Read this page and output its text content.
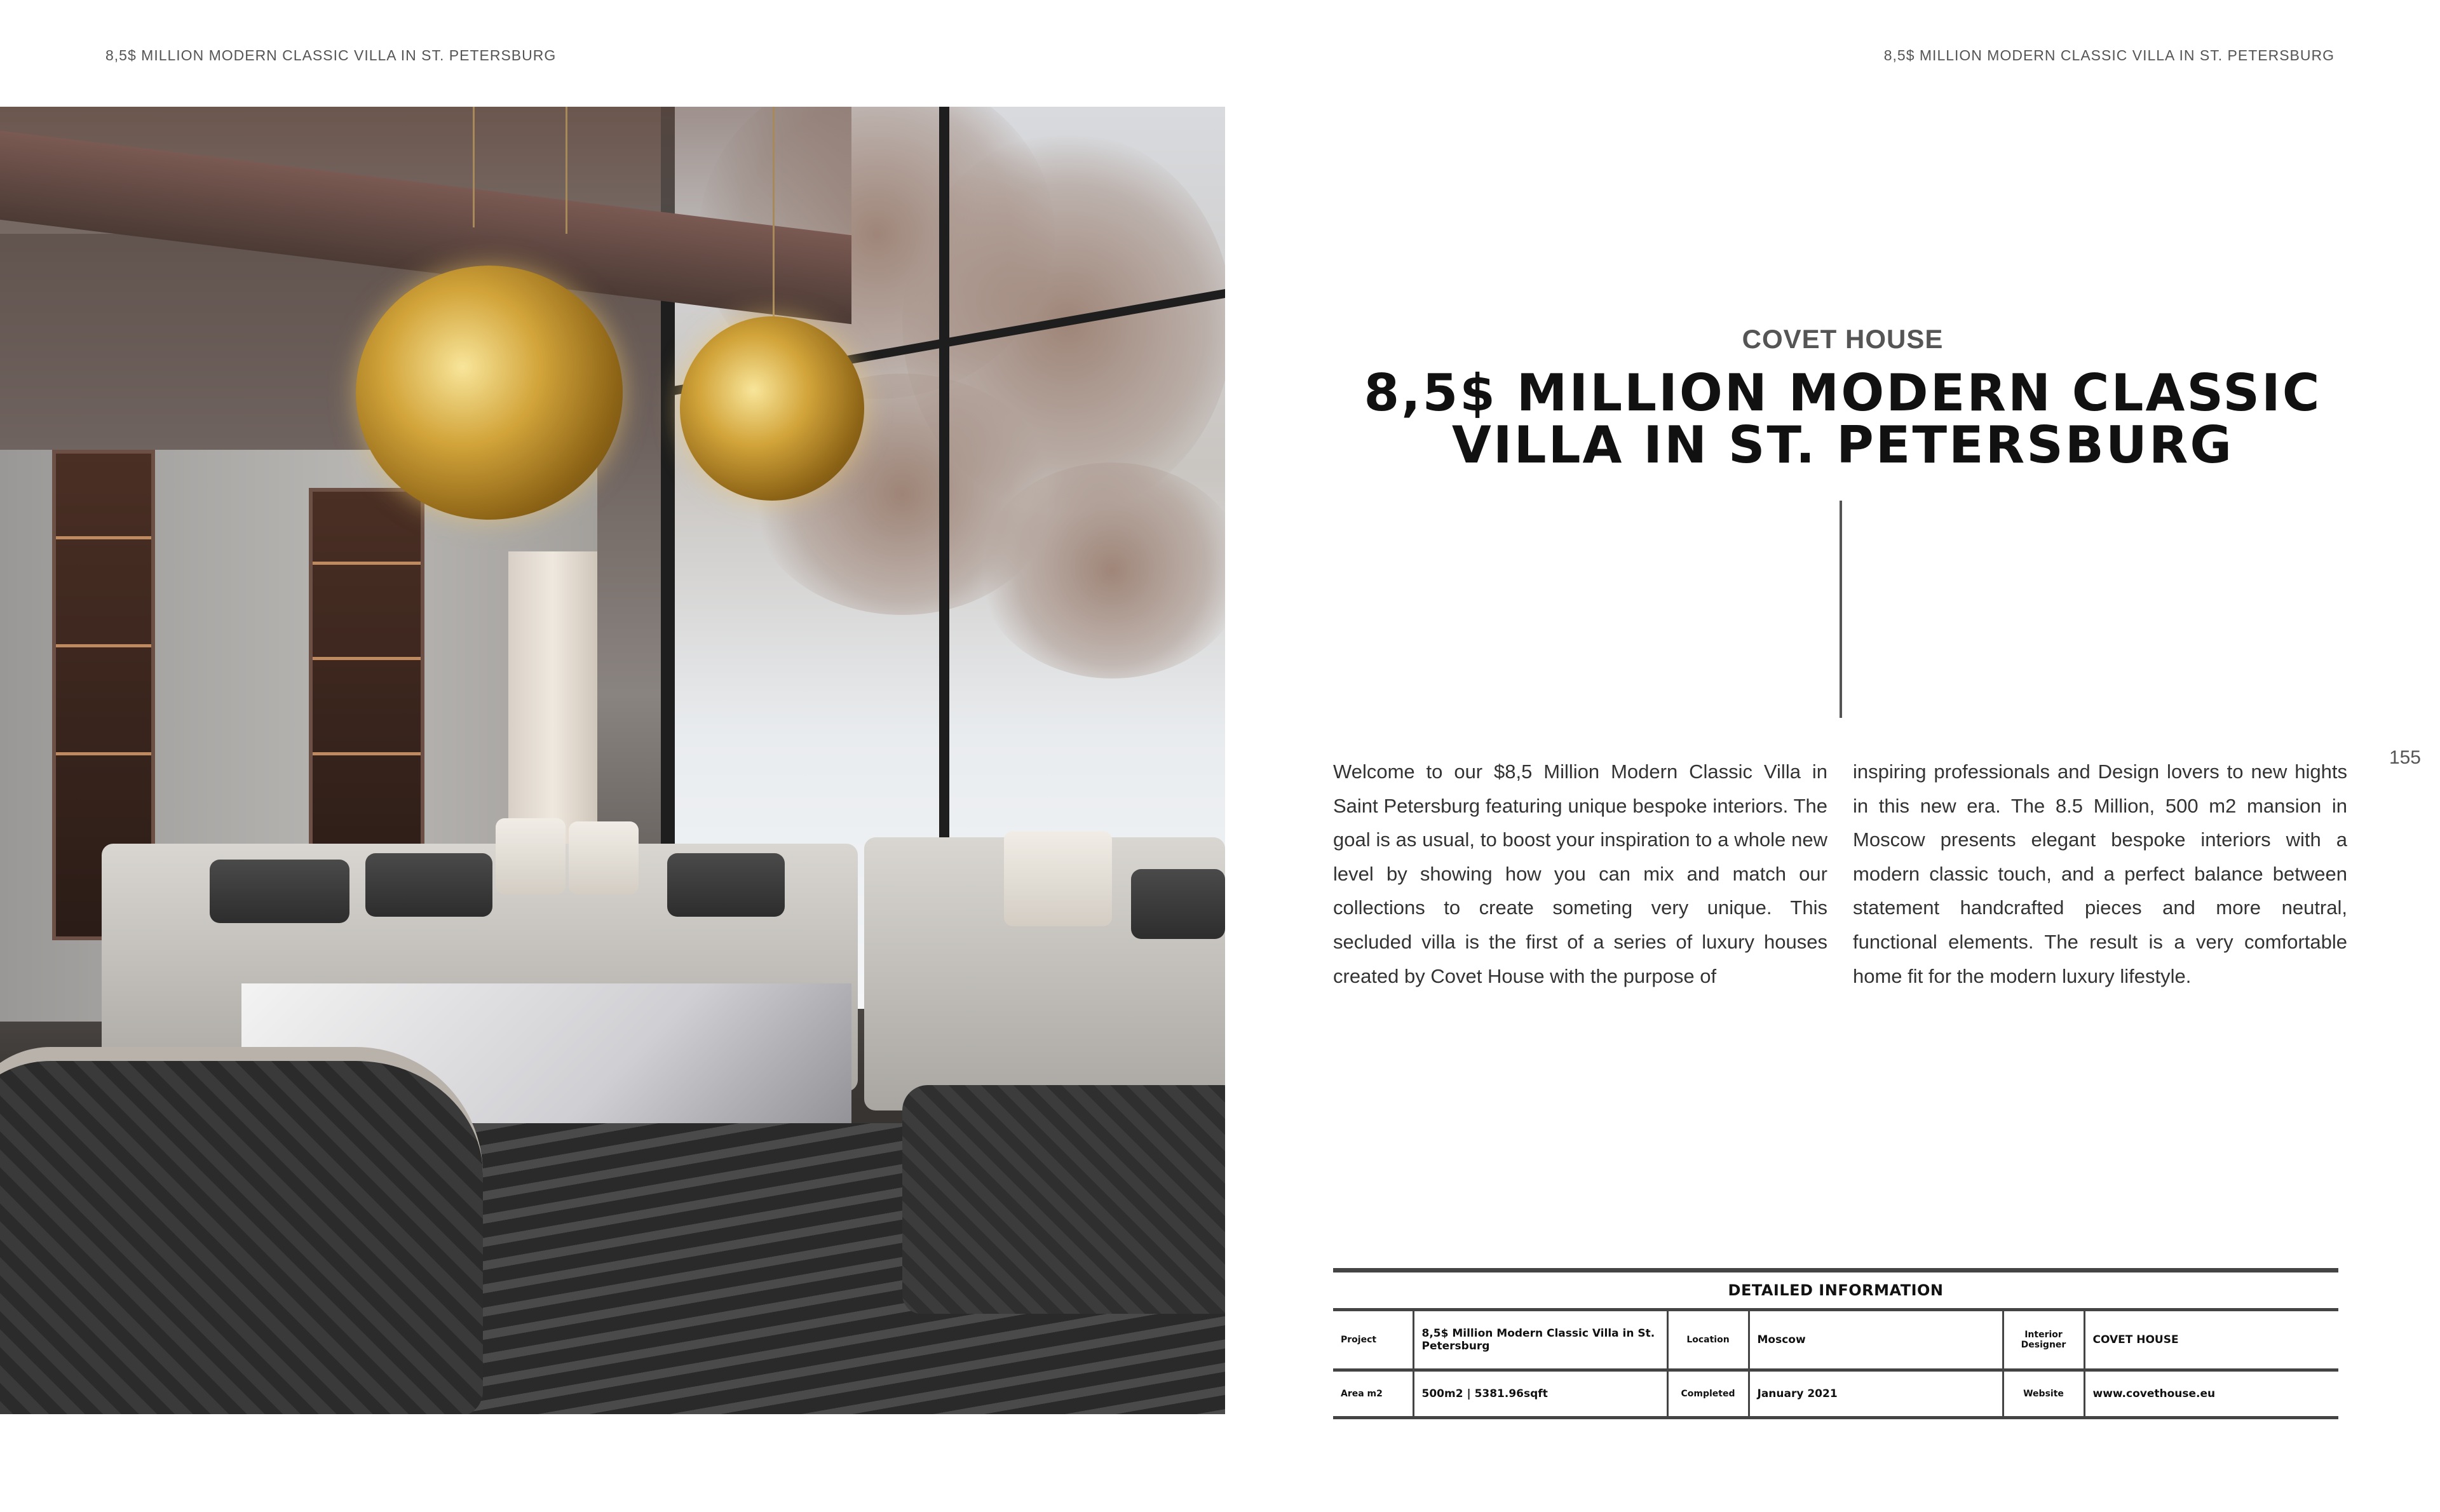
8,5$ MILLION MODERN CLASSIC VILLA IN ST. PETERSBURG	8,5$ MILLION MODERN CLASSIC VILLA IN ST. PETERSBURG
COVET HOUSE
8,5$ MILLION MODERN CLASSIC VILLA IN ST. PETERSBURG
155
Welcome to our $8,5 Million Modern Classic Villa in Saint Petersburg featuring unique bespoke interiors. The goal is as usual, to boost your inspiration to a whole new level by showing how you can mix and match our collections to create someting very unique. This secluded villa is the first of a series of luxury houses created by Covet House with the purpose of
inspiring professionals and Design lovers to new hights in this new era. The 8.5 Million, 500 m2 mansion in Moscow presents elegant bespoke interiors with a modern classic touch, and a perfect balance between statement handcrafted pieces and more neutral, functional elements. The result is a very comfortable home fit for the modern luxury lifestyle.
DETAILED INFORMATION
Project	8,5$ Million Modern Classic Villa in St. Petersburg	Location	Moscow	Interior Designer	COVET HOUSE
Area m2	500m2 | 5381.96sqft	Completed	January 2021	Website	www.covethouse.eu
